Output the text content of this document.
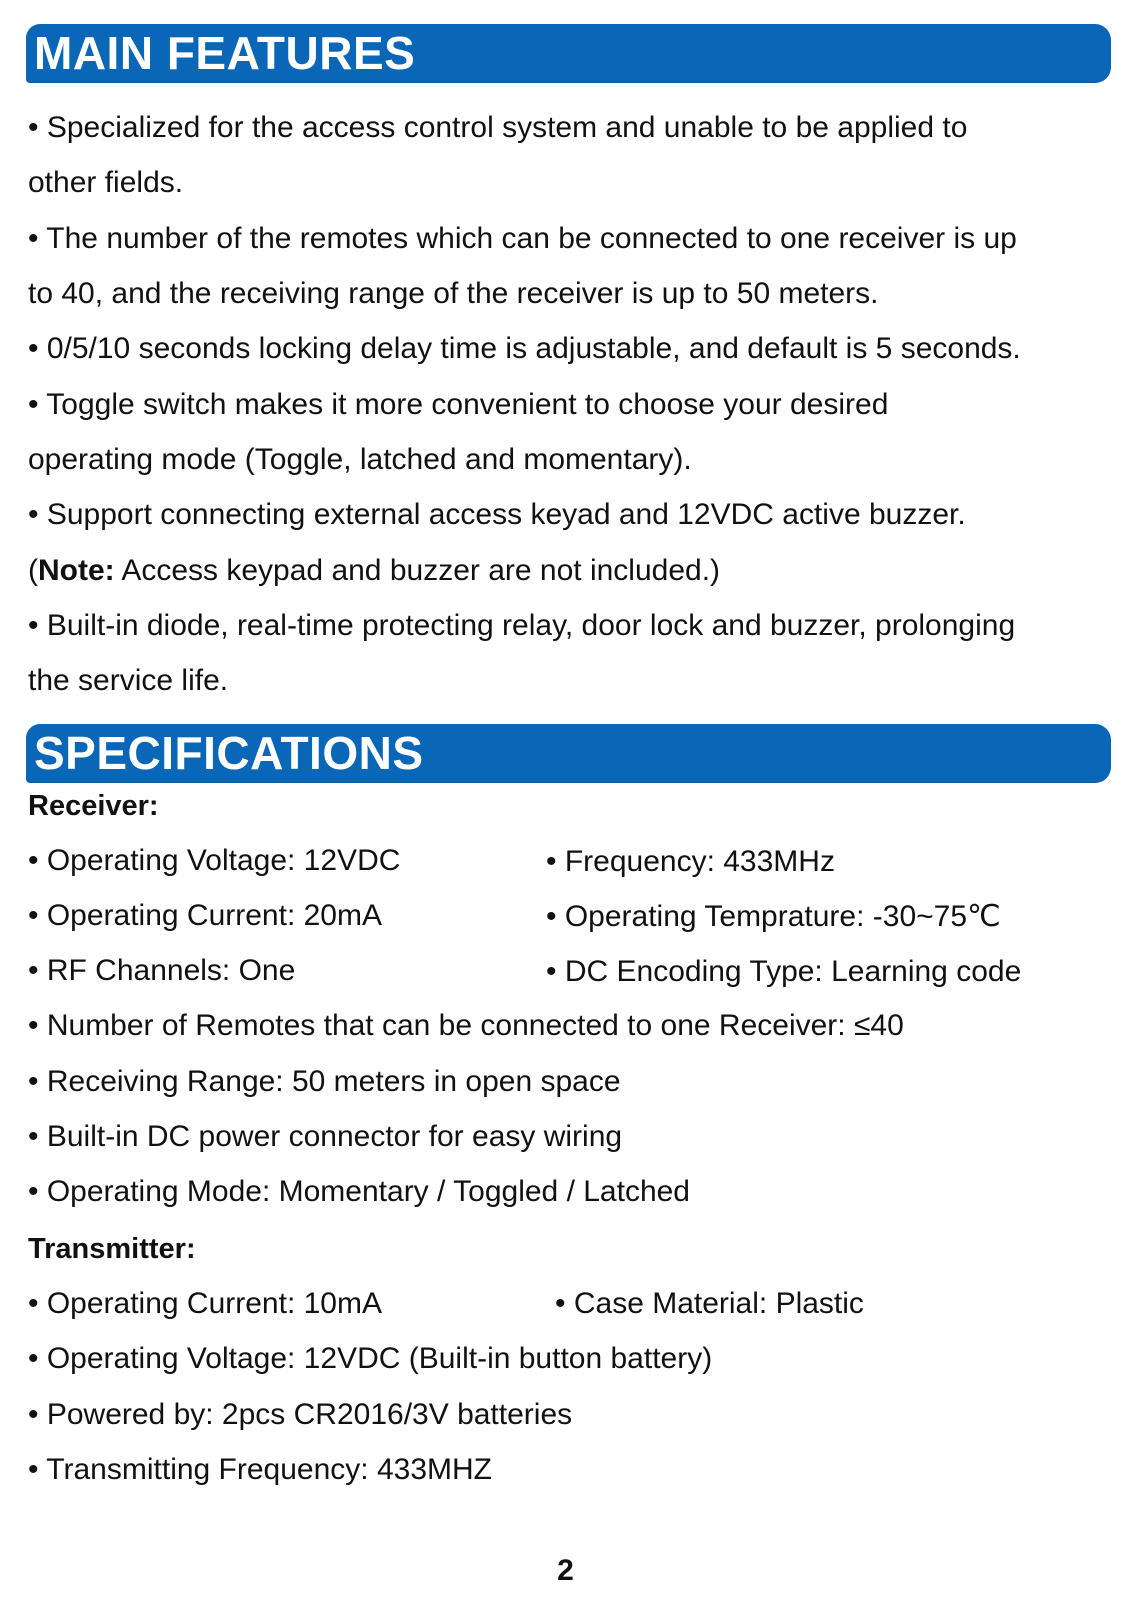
MAIN FEATURES
• Specialized for the access control system and unable to be applied to
other fields.
• The number of the remotes which can be connected to one receiver is up
to 40, and the receiving range of the receiver is up to 50 meters.
• 0/5/10 seconds locking delay time is adjustable, and default is 5 seconds.
• Toggle switch makes it more convenient to choose your desired
operating mode (Toggle, latched and momentary).
• Support connecting external access keyad and 12VDC active buzzer.
(Note: Access keypad and buzzer are not included.)
• Built-in diode, real-time protecting relay, door lock and buzzer, prolonging
the service life.
SPECIFICATIONS
Receiver:
• Operating Voltage: 12VDC	• Frequency: 433MHz
• Operating Current: 20mA	• Operating Temprature: -30~75℃
• RF Channels: One	• DC Encoding Type: Learning code
• Number of Remotes that can be connected to one Receiver: ≤40
• Receiving Range: 50 meters in open space
• Built-in DC power connector for easy wiring
• Operating Mode: Momentary / Toggled / Latched
Transmitter:
• Operating Current: 10mA	• Case Material: Plastic
• Operating Voltage: 12VDC (Built-in button battery)
• Powered by: 2pcs CR2016/3V batteries
• Transmitting Frequency: 433MHZ
2
